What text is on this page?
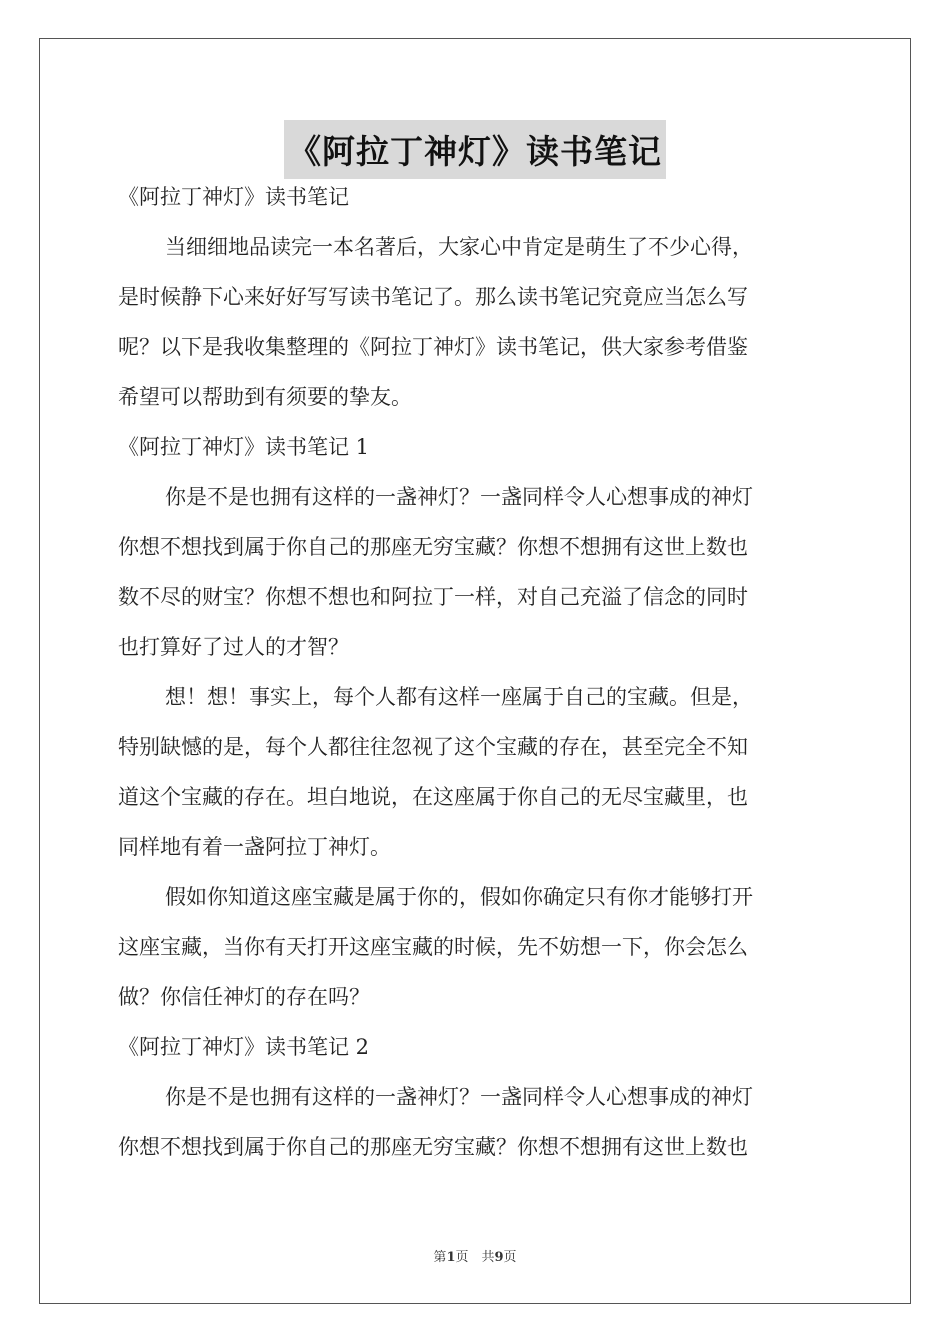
《阿拉丁神灯》读书笔记
《阿拉丁神灯》读书笔记
当细细地品读完一本名著后，大家心中肯定是萌生了不少心得，
是时候静下心来好好写写读书笔记了。那么读书笔记究竟应当怎么写
呢？以下是我收集整理的《阿拉丁神灯》读书笔记，供大家参考借鉴
希望可以帮助到有须要的挚友。
《阿拉丁神灯》读书笔记 1
你是不是也拥有这样的一盏神灯？一盏同样令人心想事成的神灯
你想不想找到属于你自己的那座无穷宝藏？你想不想拥有这世上数也
数不尽的财宝？你想不想也和阿拉丁一样，对自己充溢了信念的同时
也打算好了过人的才智？
想！想！事实上，每个人都有这样一座属于自己的宝藏。但是，
特别缺憾的是，每个人都往往忽视了这个宝藏的存在，甚至完全不知
道这个宝藏的存在。坦白地说，在这座属于你自己的无尽宝藏里，也
同样地有着一盏阿拉丁神灯。
假如你知道这座宝藏是属于你的，假如你确定只有你才能够打开
这座宝藏，当你有天打开这座宝藏的时候，先不妨想一下，你会怎么
做？你信任神灯的存在吗？
《阿拉丁神灯》读书笔记 2
你是不是也拥有这样的一盏神灯？一盏同样令人心想事成的神灯
你想不想找到属于你自己的那座无穷宝藏？你想不想拥有这世上数也
第1页　共9页
